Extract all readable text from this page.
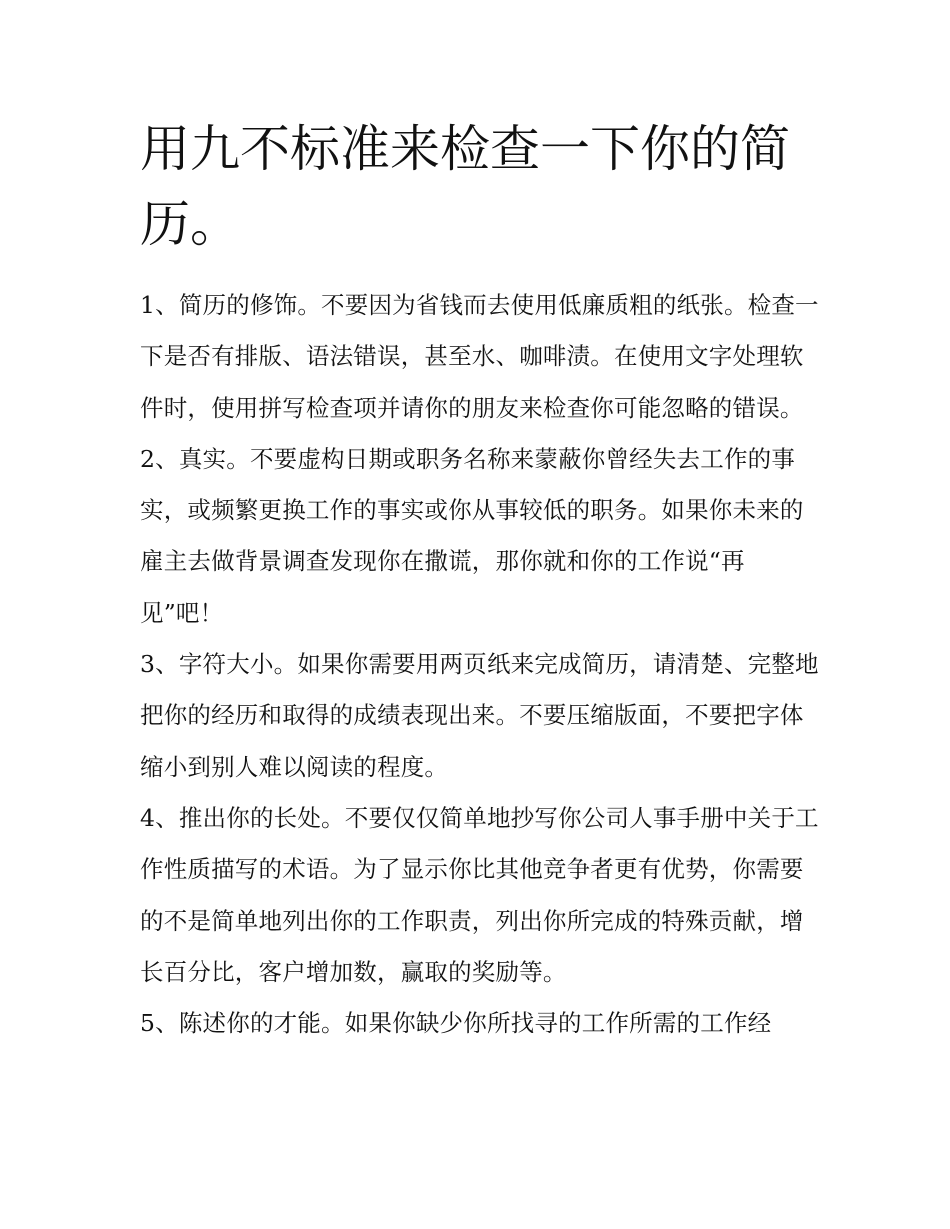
用九不标准来检查一下你的简历。

1、简历的修饰。不要因为省钱而去使用低廉质粗的纸张。检查一下是否有排版、语法错误，甚至水、咖啡渍。在使用文字处理软件时，使用拼写检查项并请你的朋友来检查你可能忽略的错误。

2、真实。不要虚构日期或职务名称来蒙蔽你曾经失去工作的事实，或频繁更换工作的事实或你从事较低的职务。如果你未来的雇主去做背景调查发现你在撒谎，那你就和你的工作说“再见”吧！

3、字符大小。如果你需要用两页纸来完成简历，请清楚、完整地把你的经历和取得的成绩表现出来。不要压缩版面，不要把字体缩小到别人难以阅读的程度。

4、推出你的长处。不要仅仅简单地抄写你公司人事手册中关于工作性质描写的术语。为了显示你比其他竞争者更有优势，你需要的不是简单地列出你的工作职责，列出你所完成的特殊贡献，增长百分比，客户增加数，赢取的奖励等。

5、陈述你的才能。如果你缺少你所找寻的工作所需的工作经
